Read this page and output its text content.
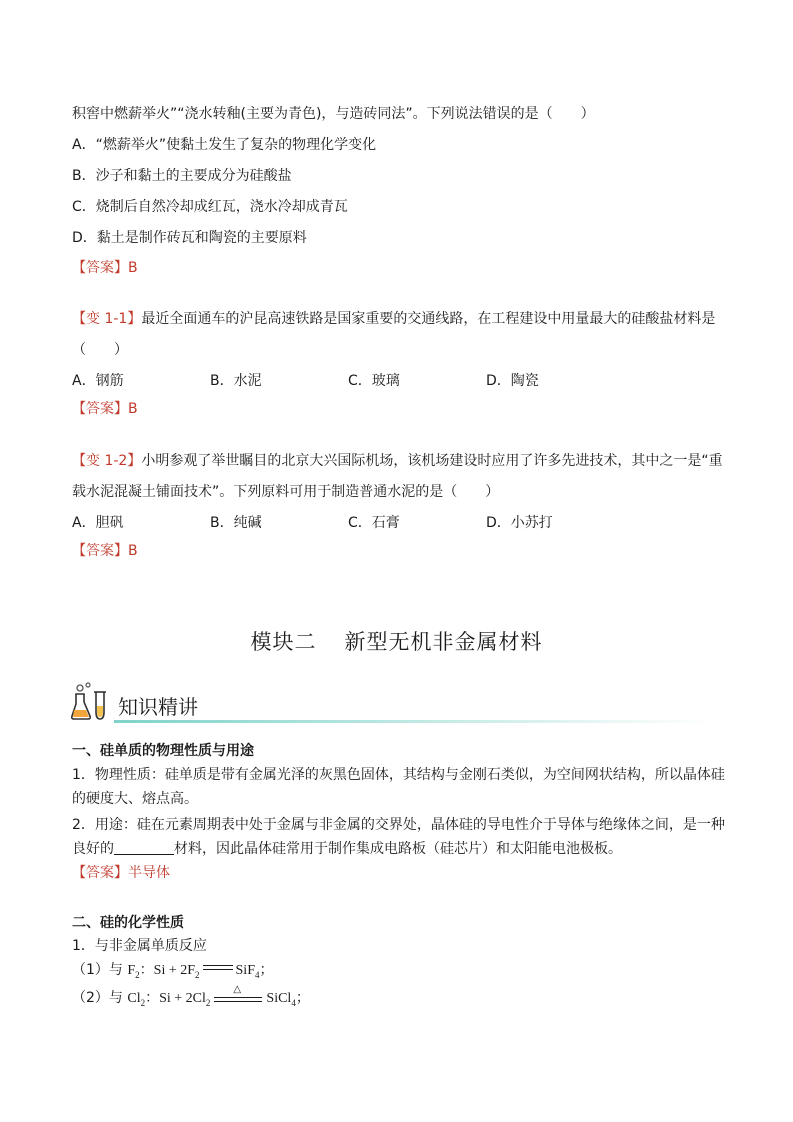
积窖中燃薪举火”“浇水转釉(主要为青色)，与造砖同法”。下列说法错误的是（　　）
A．“燃薪举火”使黏土发生了复杂的物理化学变化
B．沙子和黏土的主要成分为硅酸盐
C．烧制后自然冷却成红瓦，浇水冷却成青瓦
D．黏土是制作砖瓦和陶瓷的主要原料
【答案】B
【变 1-1】最近全面通车的沪昆高速铁路是国家重要的交通线路，在工程建设中用量最大的硅酸盐材料是
（　　）
A．钢筋	B．水泥	C．玻璃	D．陶瓷
【答案】B
【变 1-2】小明参观了举世瞩目的北京大兴国际机场，该机场建设时应用了许多先进技术，其中之一是“重
载水泥混凝土铺面技术”。下列原料可用于制造普通水泥的是（　　）
A．胆矾	B．纯碱	C．石膏	D．小苏打
【答案】B
模块二 新型无机非金属材料
知识精讲
一、硅单质的物理性质与用途
1．物理性质：硅单质是带有金属光泽的灰黑色固体，其结构与金刚石类似，为空间网状结构，所以晶体硅
的硬度大、熔点高。
2．用途：硅在元素周期表中处于金属与非金属的交界处，晶体硅的导电性介于导体与绝缘体之间，是一种
良好的	材料，因此晶体硅常用于制作集成电路板（硅芯片）和太阳能电池极板。
【答案】半导体
二、硅的化学性质
1．与非金属单质反应
（1）与 $F_2$：$Si + 2F_2$	SiF$_4$；
（2）与 $Cl_2$：$Si + 2Cl_2$
△
SiCl$_4$；
